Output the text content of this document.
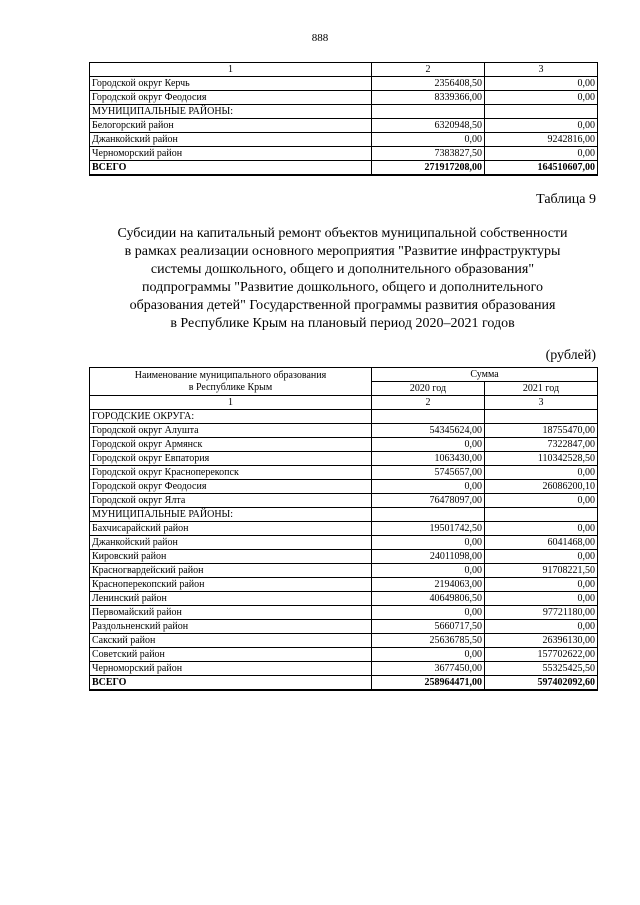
888
1	2	3
Городской округ Керчь	2356408,50	0,00
Городской округ Феодосия	8339366,00	0,00
МУНИЦИПАЛЬНЫЕ РАЙОНЫ:		
Белогорский район	6320948,50	0,00
Джанкойский район	0,00	9242816,00
Черноморский район	7383827,50	0,00
ВСЕГО	271917208,00	164510607,00
Таблица 9
Субсидии на капитальный ремонт объектов муниципальной собственности
в рамках реализации основного мероприятия "Развитие инфраструктуры
системы дошкольного, общего и дополнительного образования"
подпрограммы "Развитие дошкольного, общего и дополнительного
образования детей" Государственной программы развития образования
в Республике Крым на плановый период 2020–2021 годов
(рублей)
Наименование муниципального образования
в Республике Крым	Сумма	
	2020 год	2021 год
1	2	3
ГОРОДСКИЕ ОКРУГА:		
Городской округ Алушта	54345624,00	18755470,00
Городской округ Армянск	0,00	7322847,00
Городской округ Евпатория	1063430,00	110342528,50
Городской округ Красноперекопск	5745657,00	0,00
Городской округ Феодосия	0,00	26086200,10
Городской округ Ялта	76478097,00	0,00
МУНИЦИПАЛЬНЫЕ РАЙОНЫ:		
Бахчисарайский район	19501742,50	0,00
Джанкойский район	0,00	6041468,00
Кировский район	24011098,00	0,00
Красногвардейский район	0,00	91708221,50
Красноперекопский район	2194063,00	0,00
Ленинский район	40649806,50	0,00
Первомайский район	0,00	97721180,00
Раздольненский район	5660717,50	0,00
Сакский район	25636785,50	26396130,00
Советский район	0,00	157702622,00
Черноморский район	3677450,00	55325425,50
ВСЕГО	258964471,00	597402092,60
